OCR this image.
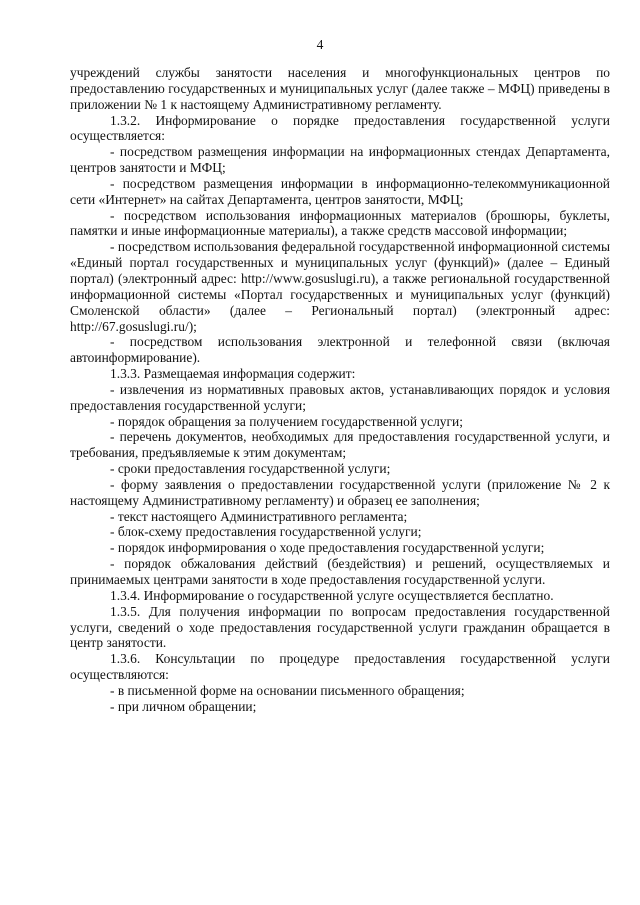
4

учреждений службы занятости населения и многофункциональных центров по предоставлению государственных и муниципальных услуг (далее также – МФЦ) приведены в приложении № 1 к настоящему Административному регламенту.

1.3.2. Информирование о порядке предоставления государственной услуги осуществляется:

- посредством размещения информации на информационных стендах Департамента, центров занятости и МФЦ;

- посредством размещения информации в информационно-телекоммуникационной сети «Интернет» на сайтах Департамента, центров занятости, МФЦ;

- посредством использования информационных материалов (брошюры, буклеты, памятки и иные информационные материалы), а также средств массовой информации;

- посредством использования федеральной государственной информационной системы «Единый портал государственных и муниципальных услуг (функций)» (далее – Единый портал) (электронный адрес: http://www.gosuslugi.ru), а также региональной государственной информационной системы «Портал государственных и муниципальных услуг (функций) Смоленской области» (далее – Региональный портал) (электронный адрес: http://67.gosuslugi.ru/);

- посредством использования электронной и телефонной связи (включая автоинформирование).

1.3.3. Размещаемая информация содержит:

- извлечения из нормативных правовых актов, устанавливающих порядок и условия предоставления государственной услуги;

- порядок обращения за получением государственной услуги;

- перечень документов, необходимых для предоставления государственной услуги, и требования, предъявляемые к этим документам;

- сроки предоставления государственной услуги;

- форму заявления о предоставлении государственной услуги (приложение № 2 к настоящему Административному регламенту) и образец ее заполнения;

- текст настоящего Административного регламента;

- блок-схему предоставления государственной услуги;

- порядок информирования о ходе предоставления государственной услуги;

- порядок обжалования действий (бездействия) и решений, осуществляемых и принимаемых центрами занятости в ходе предоставления государственной услуги.

1.3.4. Информирование о государственной услуге осуществляется бесплатно.

1.3.5. Для получения информации по вопросам предоставления государственной услуги, сведений о ходе предоставления государственной услуги гражданин обращается в центр занятости.

1.3.6. Консультации по процедуре предоставления государственной услуги осуществляются:

- в письменной форме на основании письменного обращения;

- при личном обращении;
